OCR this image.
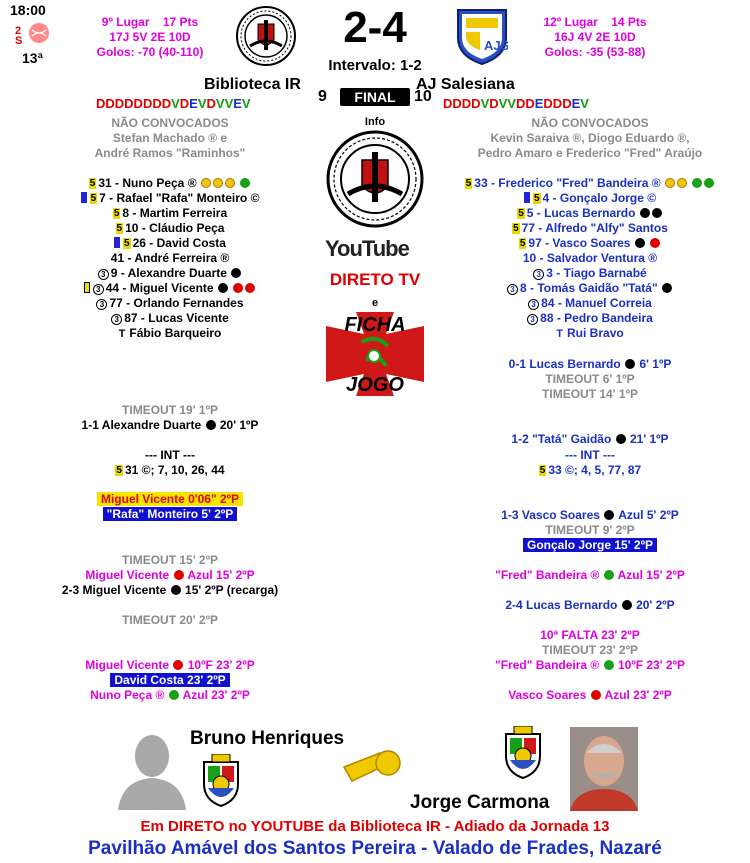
18:00
2
S
13ª
9º Lugar 17 Pts
17J 5V 2E 10D
Golos: -70 (40-110)	2-4
Intervalo: 1-2
AJS
12º Lugar 14 Pts
16J 4V 2E 10D
Golos: -35 (53-88)
Biblioteca IR	AJ Salesiana
DDDDDDDDVDEVDVVEV	9	FINAL	10 DDDDVDVVDDEDDDEV
NÃO CONVOCADOS
Stefan Machado ® e
André Ramos "Raminhos"
NÃO CONVOCADOS
Kevin Saraiva ®, Diogo Eduardo ®,
Pedro Amaro e Frederico "Fred" Araújo
Info
YouTube
DIRETO TV
e
FICHA
JOGO
5 31 - Nuno Peça ®
5 7 - Rafael "Rafa" Monteiro ©
5 8 - Martim Ferreira
5 10 - Cláudio Peça
5 26 - David Costa
41 - André Ferreira ®
3 9 - Alexandre Duarte
3 44 - Miguel Vicente
3 77 - Orlando Fernandes
3 87 - Lucas Vicente
T Fábio Barqueiro
5 33 - Frederico "Fred" Bandeira ®
5 4 - Gonçalo Jorge ©
5 5 - Lucas Bernardo
5 77 - Alfredo "Alfy" Santos
5 97 - Vasco Soares
10 - Salvador Ventura ®
3 3 - Tiago Barnabé
3 8 - Tomás Gaidão "Tatá"
3 84 - Manuel Correia
3 88 - Pedro Bandeira
T Rui Bravo
TIMEOUT 19' 1ºP
1-1 Alexandre Duarte 20' 1ºP
--- INT ---
5 31 ©; 7, 10, 26, 44
Miguel Vicente 0'06" 2ºP
"Rafa" Monteiro 5' 2ºP
TIMEOUT 15' 2ºP
Miguel Vicente Azul 15' 2ºP
2-3 Miguel Vicente 15' 2ºP (recarga)
TIMEOUT 20' 2ºP
Miguel Vicente 10ºF 23' 2ºP
David Costa 23' 2ºP
Nuno Peça ® Azul 23' 2ºP
0-1 Lucas Bernardo 6' 1ºP
TIMEOUT 6' 1ºP
TIMEOUT 14' 1ºP
1-2 "Tatá" Gaidão 21' 1ºP
--- INT ---
5 33 ©; 4, 5, 77, 87
1-3 Vasco Soares Azul 5' 2ºP
TIMEOUT 9' 2ºP
Gonçalo Jorge 15' 2ºP
"Fred" Bandeira ® Azul 15' 2ºP
2-4 Lucas Bernardo 20' 2ºP
10ª FALTA 23' 2ºP
TIMEOUT 23' 2ºP
"Fred" Bandeira ® 10ºF 23' 2ºP
Vasco Soares Azul 23' 2ºP
Bruno Henriques
Jorge Carmona
Em DIRETO no YOUTUBE da Biblioteca IR - Adiado da Jornada 13
Pavilhão Amável dos Santos Pereira - Valado de Frades, Nazaré
